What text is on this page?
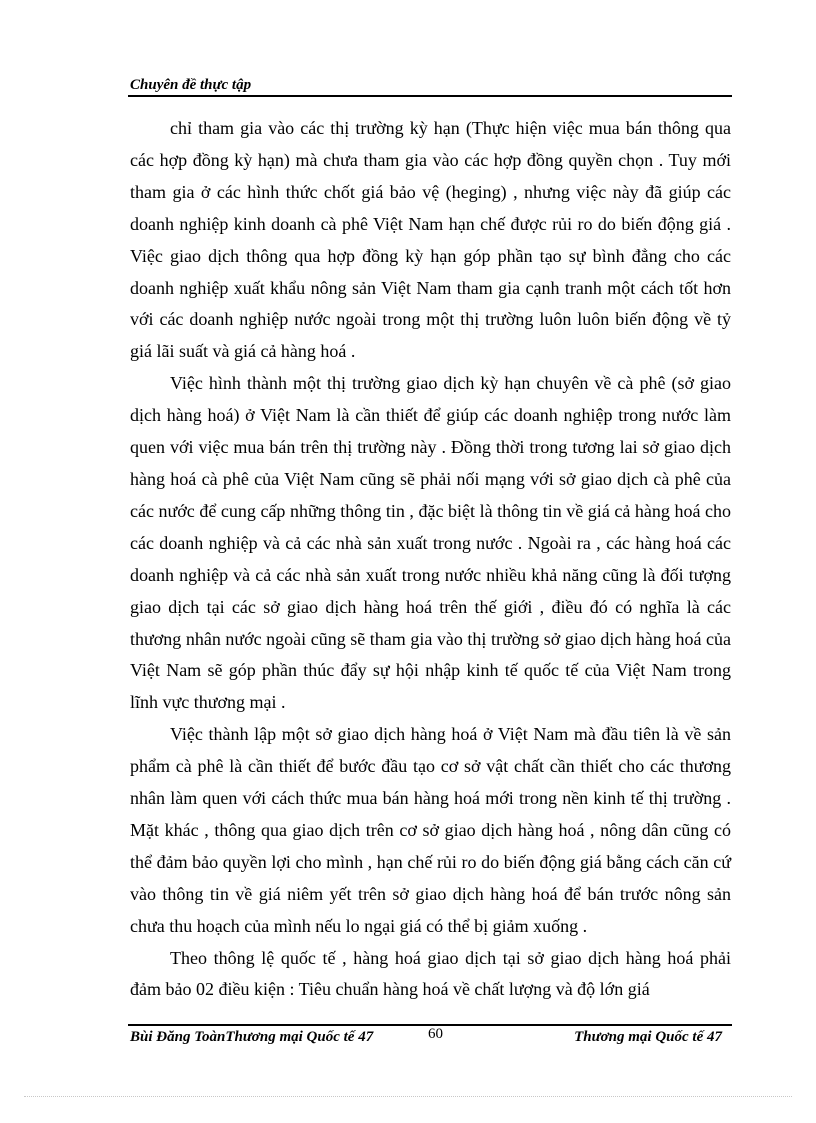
Chuyên đề thực tập

chỉ tham gia vào các thị trường kỳ hạn (Thực hiện việc mua bán thông qua các hợp đồng kỳ hạn) mà chưa tham gia vào các hợp đồng quyền chọn . Tuy mới tham gia ở các hình thức chốt giá bảo vệ (heging) , nhưng việc này đã giúp các doanh nghiệp kinh doanh cà phê Việt Nam hạn chế được rủi ro do biến động giá . Việc giao dịch thông qua hợp đồng kỳ hạn góp phần tạo sự bình đẳng cho các doanh nghiệp xuất khẩu nông sản Việt Nam tham gia cạnh tranh một cách tốt hơn với các doanh nghiệp nước ngoài trong một thị trường luôn luôn biến động về tỷ giá lãi suất và giá cả hàng hoá .

Việc hình thành một thị trường giao dịch kỳ hạn chuyên về cà phê (sở giao dịch hàng hoá) ở Việt Nam là cần thiết để giúp các doanh nghiệp trong nước làm quen với việc mua bán trên thị trường này . Đồng thời trong tương lai sở giao dịch hàng hoá cà phê của Việt Nam cũng sẽ phải nối mạng với sở giao dịch cà phê của các nước để cung cấp những thông tin , đặc biệt là thông tin về giá cả hàng hoá cho các doanh nghiệp và cả các nhà sản xuất trong nước . Ngoài ra , các hàng hoá các doanh nghiệp và cả các nhà sản xuất trong nước nhiều khả năng cũng là đối tượng giao dịch tại các sở giao dịch hàng hoá trên thế giới , điều đó có nghĩa là các thương nhân nước ngoài cũng sẽ tham gia vào thị trường sở giao dịch hàng hoá của Việt Nam sẽ góp phần thúc đẩy sự hội nhập kinh tế quốc tế của Việt Nam trong lĩnh vực thương mại .

Việc thành lập một sở giao dịch hàng hoá ở Việt Nam mà đầu tiên là về sản phẩm cà phê là cần thiết để bước đầu tạo cơ sở vật chất cần thiết cho các thương nhân làm quen với cách thức mua bán hàng hoá mới trong nền kinh tế thị trường . Mặt khác , thông qua giao dịch trên cơ sở giao dịch hàng hoá , nông dân cũng có thể đảm bảo quyền lợi cho mình , hạn chế rủi ro do biến động giá bằng cách căn cứ vào thông tin về giá niêm yết trên sở giao dịch hàng hoá để bán trước nông sản chưa thu hoạch của mình nếu lo ngại giá có thể bị giảm xuống .

Theo thông lệ quốc tế , hàng hoá giao dịch tại sở giao dịch hàng hoá phải đảm bảo 02 điều kiện : Tiêu chuẩn hàng hoá về chất lượng và độ lớn giá

Bùi Đăng ToànThương mại Quốc tế 47	60	Thương mại Quốc tế 47
